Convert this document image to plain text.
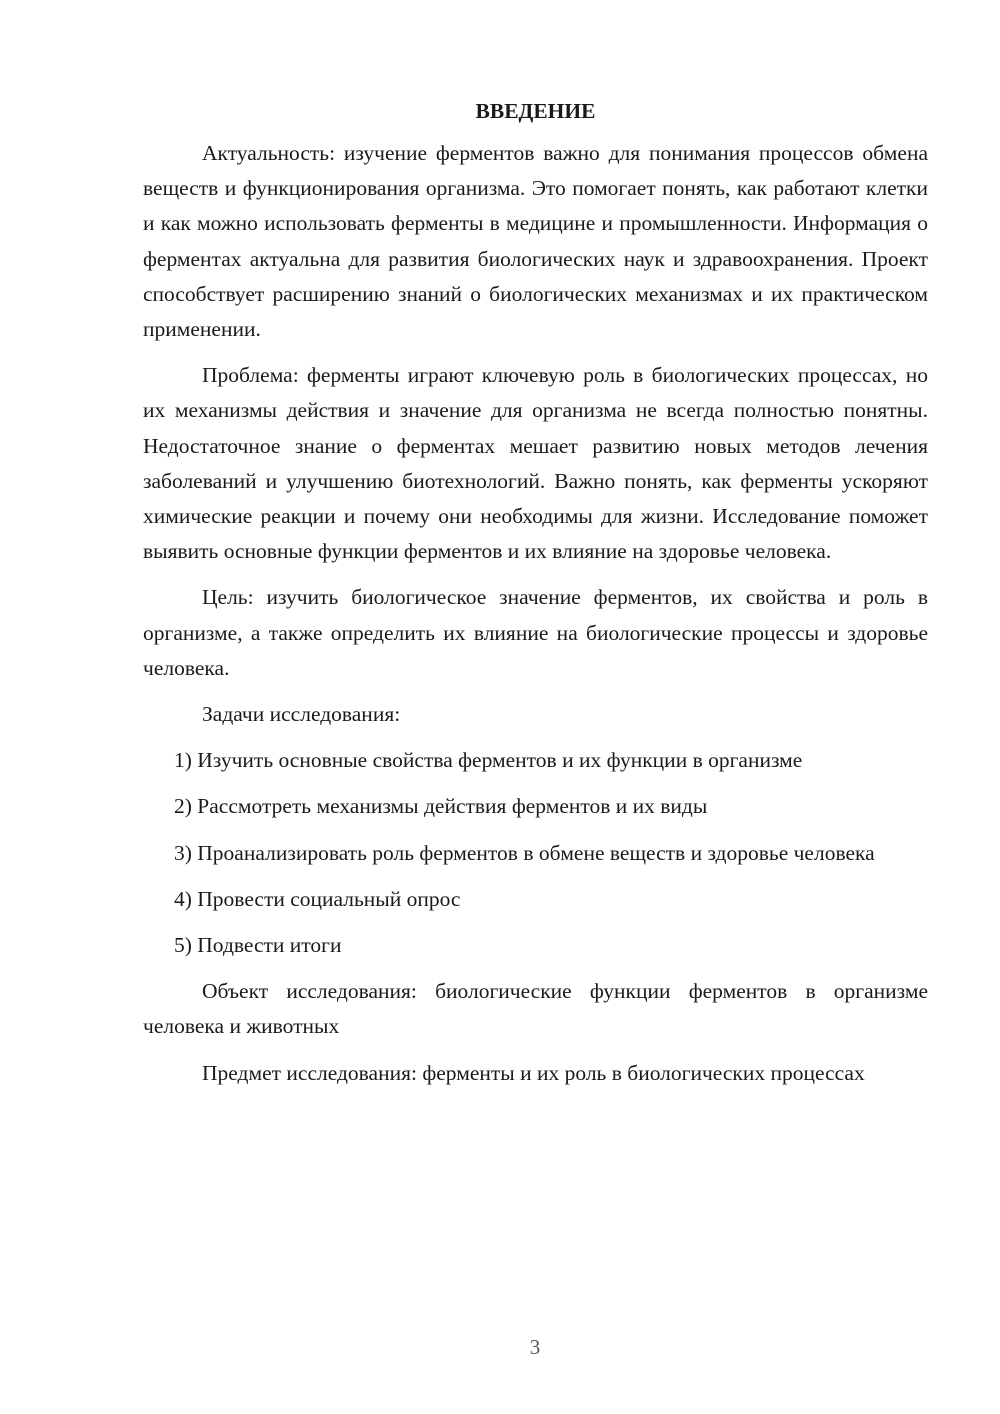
ВВЕДЕНИЕ

Актуальность: изучение ферментов важно для понимания процессов обмена веществ и функционирования организма. Это помогает понять, как работают клетки и как можно использовать ферменты в медицине и промышленности. Информация о ферментах актуальна для развития биологических наук и здравоохранения. Проект способствует расширению знаний о биологических механизмах и их практическом применении.

Проблема: ферменты играют ключевую роль в биологических процессах, но их механизмы действия и значение для организма не всегда полностью понятны. Недостаточное знание о ферментах мешает развитию новых методов лечения заболеваний и улучшению биотехнологий. Важно понять, как ферменты ускоряют химические реакции и почему они необходимы для жизни. Исследование поможет выявить основные функции ферментов и их влияние на здоровье человека.

Цель: изучить биологическое значение ферментов, их свойства и роль в организме, а также определить их влияние на биологические процессы и здоровье человека.

Задачи исследования:

1) Изучить основные свойства ферментов и их функции в организме

2) Рассмотреть механизмы действия ферментов и их виды

3) Проанализировать роль ферментов в обмене веществ и здоровье человека

4) Провести социальный опрос

5) Подвести итоги

Объект исследования: биологические функции ферментов в организме человека и животных

Предмет исследования: ферменты и их роль в биологических процессах

3
